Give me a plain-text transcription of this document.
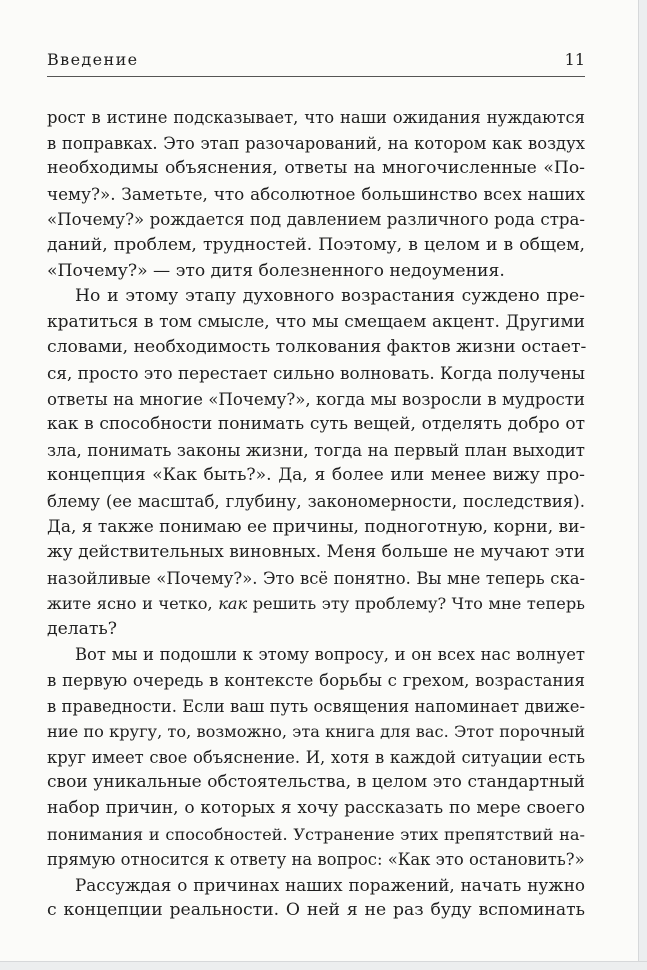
Введение	11
рост в истине подсказывает, что наши ожидания нуждаются
в поправках. Это этап разочарований, на котором как воздух
необходимы объяснения, ответы на многочисленные «По-
чему?». Заметьте, что абсолютное большинство всех наших
«Почему?» рождается под давлением различного рода стра-
даний, проблем, трудностей. Поэтому, в целом и в общем,
«Почему?» — это дитя болезненного недоумения.
Но и этому этапу духовного возрастания суждено пре-
кратиться в том смысле, что мы смещаем акцент. Другими
словами, необходимость толкования фактов жизни остает-
ся, просто это перестает сильно волновать. Когда получены
ответы на многие «Почему?», когда мы возросли в мудрости
как в способности понимать суть вещей, отделять добро от
зла, понимать законы жизни, тогда на первый план выходит
концепция «Как быть?». Да, я более или менее вижу про-
блему (ее масштаб, глубину, закономерности, последствия).
Да, я также понимаю ее причины, подноготную, корни, ви-
жу действительных виновных. Меня больше не мучают эти
назойливые «Почему?». Это всё понятно. Вы мне теперь ска-
жите ясно и четко, как решить эту проблему? Что мне теперь
делать?
Вот мы и подошли к этому вопросу, и он всех нас волнует
в первую очередь в контексте борьбы с грехом, возрастания
в праведности. Если ваш путь освящения напоминает движе-
ние по кругу, то, возможно, эта книга для вас. Этот порочный
круг имеет свое объяснение. И, хотя в каждой ситуации есть
свои уникальные обстоятельства, в целом это стандартный
набор причин, о которых я хочу рассказать по мере своего
понимания и способностей. Устранение этих препятствий на-
прямую относится к ответу на вопрос: «Как это остановить?»
Рассуждая о причинах наших поражений, начать нужно
с концепции реальности. О ней я не раз буду вспоминать
